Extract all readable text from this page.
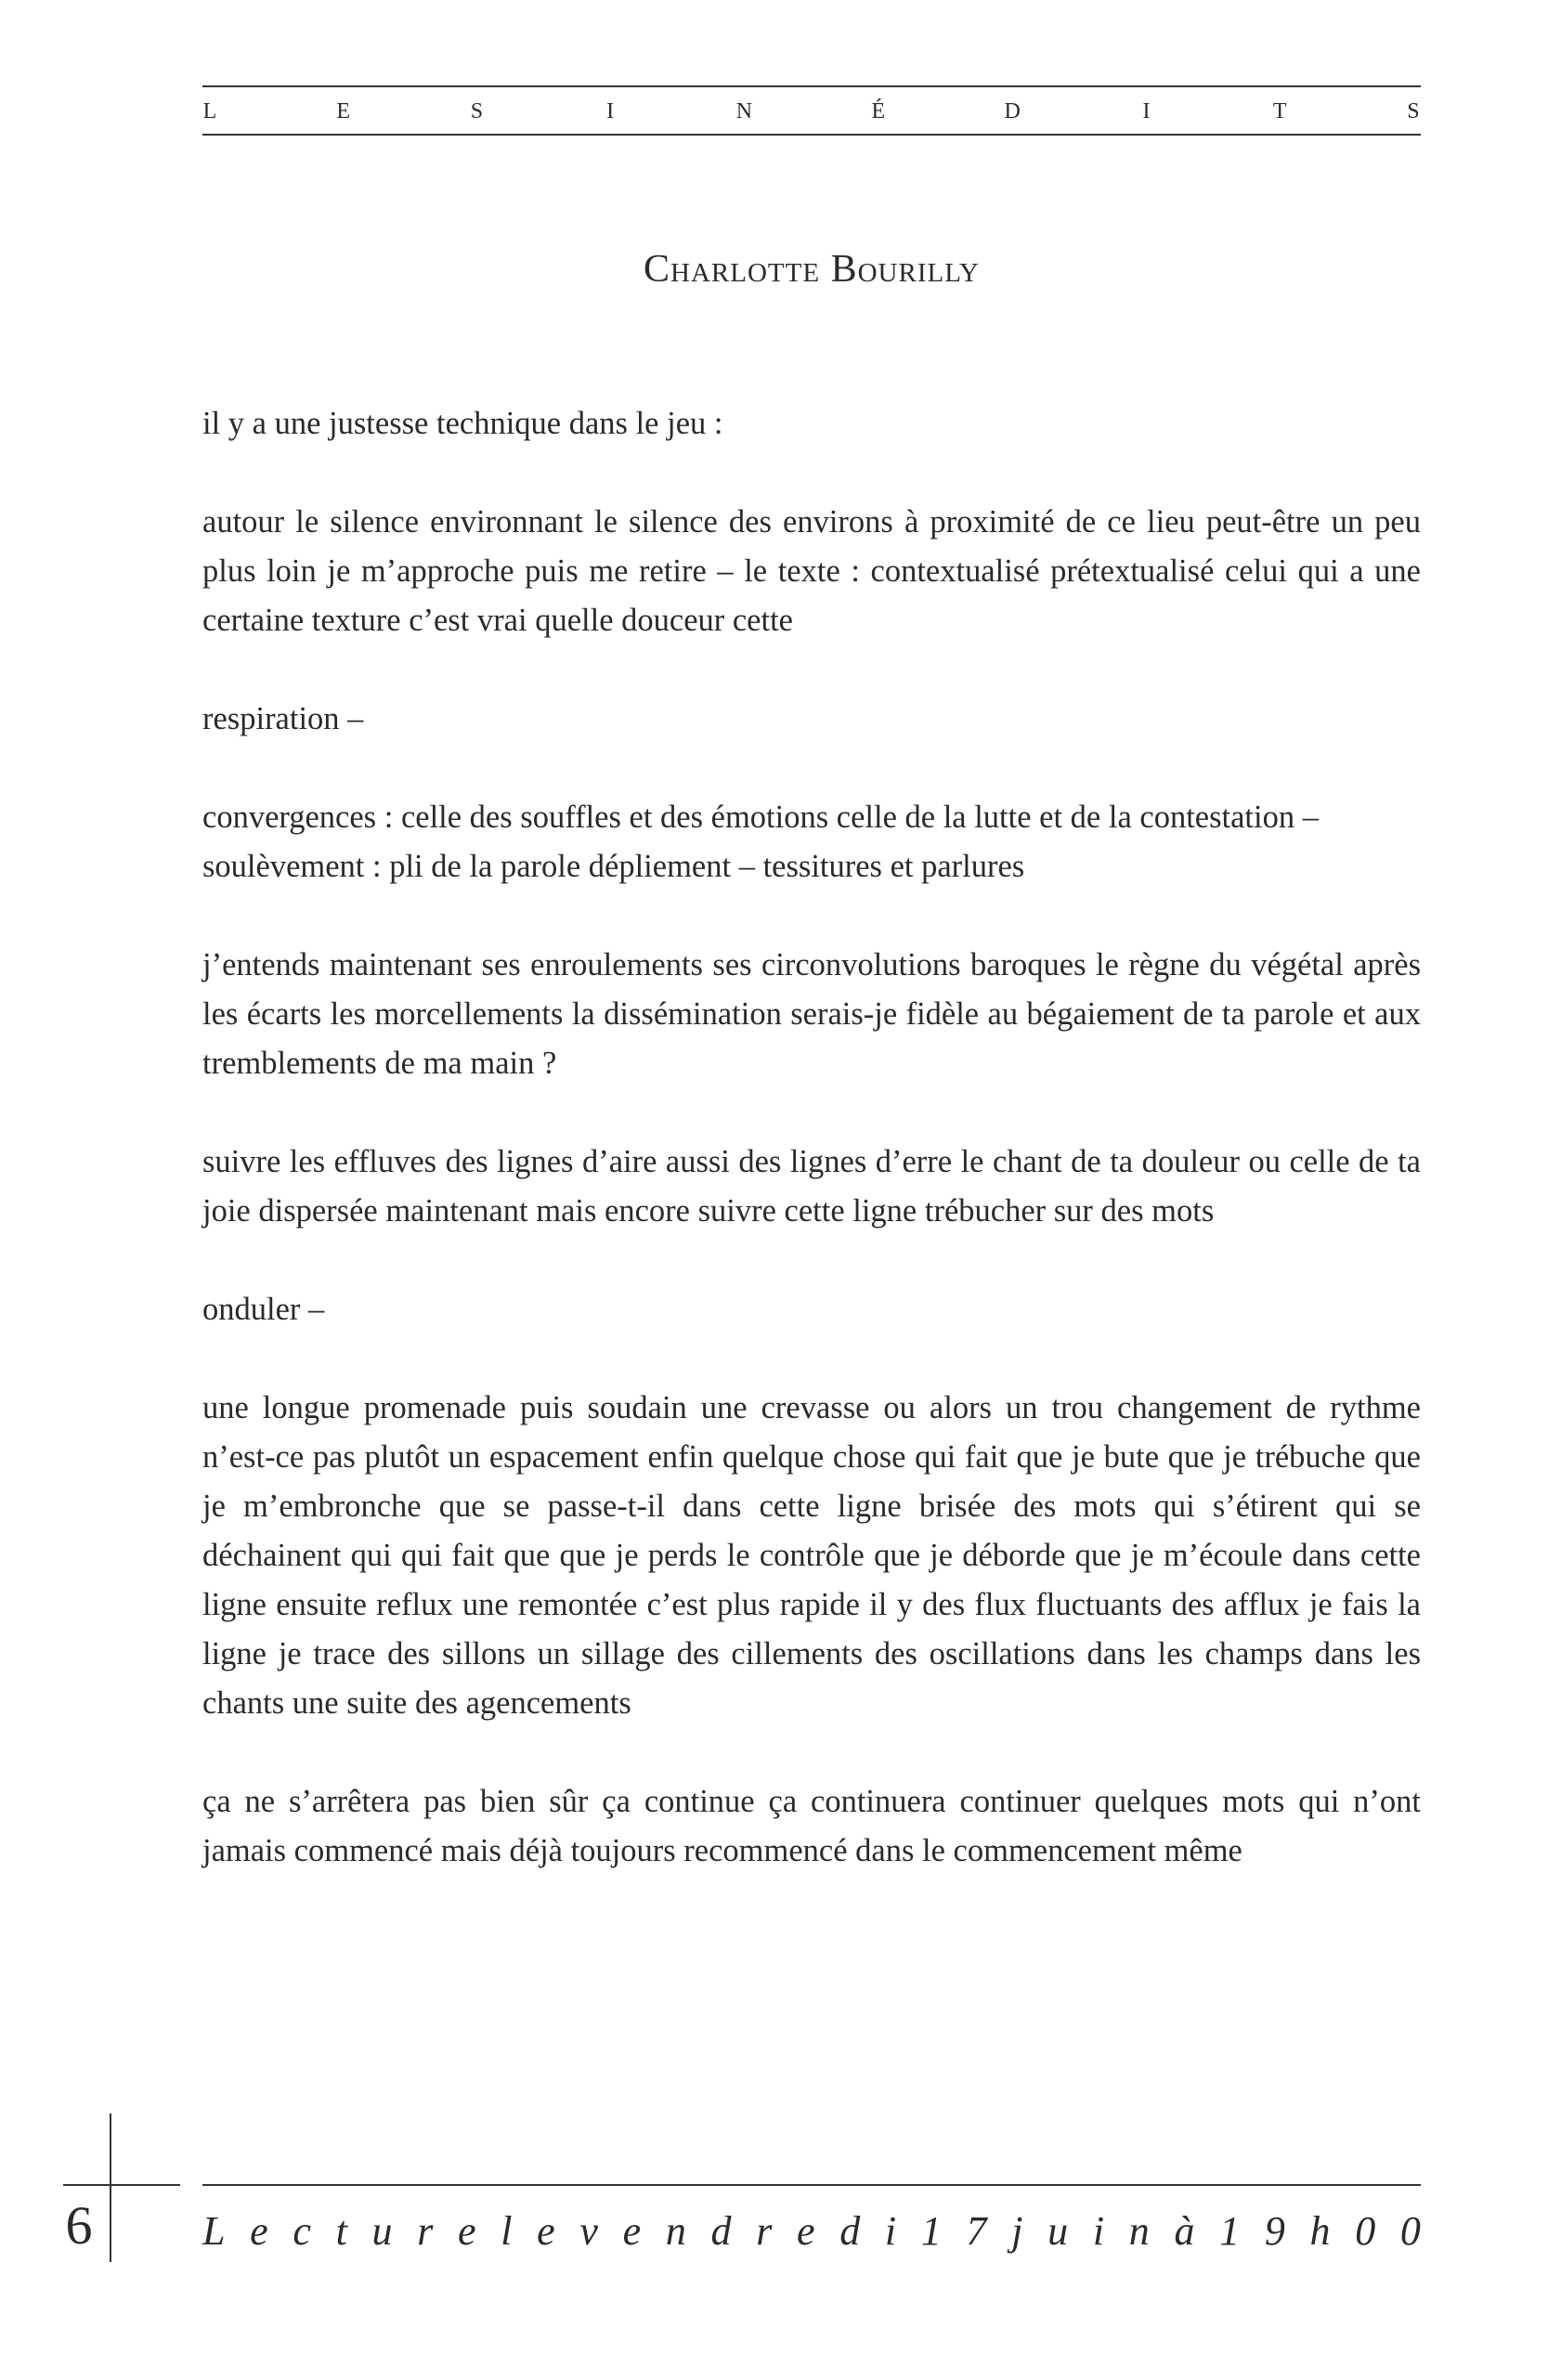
L	E	S	I	N	É	D	I	T	S
Charlotte Bourilly

il y a une justesse technique dans le jeu :

autour le silence environnant le silence des environs à proximité de ce lieu peut-être un peu plus loin je m’approche puis me retire – le texte : contextualisé prétextualisé celui qui a une certaine texture c’est vrai quelle douceur cette

respiration –

convergences : celle des souffles et des émotions celle de la lutte et de la contestation –

soulèvement : pli de la parole dépliement – tessitures et parlures

j’entends maintenant ses enroulements ses circonvolutions baroques le règne du végétal après les écarts les morcellements la dissémination serais-je fidèle au bégaiement de ta parole et aux tremblements de ma main ?

suivre les effluves des lignes d’aire aussi des lignes d’erre le chant de ta douleur ou celle de ta joie dispersée maintenant mais encore suivre cette ligne trébucher sur des mots

onduler –

une longue promenade puis soudain une crevasse ou alors un trou changement de rythme n’est-ce pas plutôt un espacement enfin quelque chose qui fait que je bute que je trébuche que je m’embronche que se passe-t-il dans cette ligne brisée des mots qui s’étirent qui se déchainent qui qui fait que que je perds le contrôle que je déborde que je m’écoule dans cette ligne ensuite reflux une remontée c’est plus rapide il y des flux fluctuants des afflux je fais la ligne je trace des sillons un sillage des cillements des oscillations dans les champs dans les chants une suite des agencements

ça ne s’arrêtera pas bien sûr ça continue ça continuera continuer quelques mots qui n’ont jamais commencé mais déjà toujours recommencé dans le commencement même

6	L e c t u r e l e v e n d r e d i 1 7 j u i n à 1 9 h 0 0
